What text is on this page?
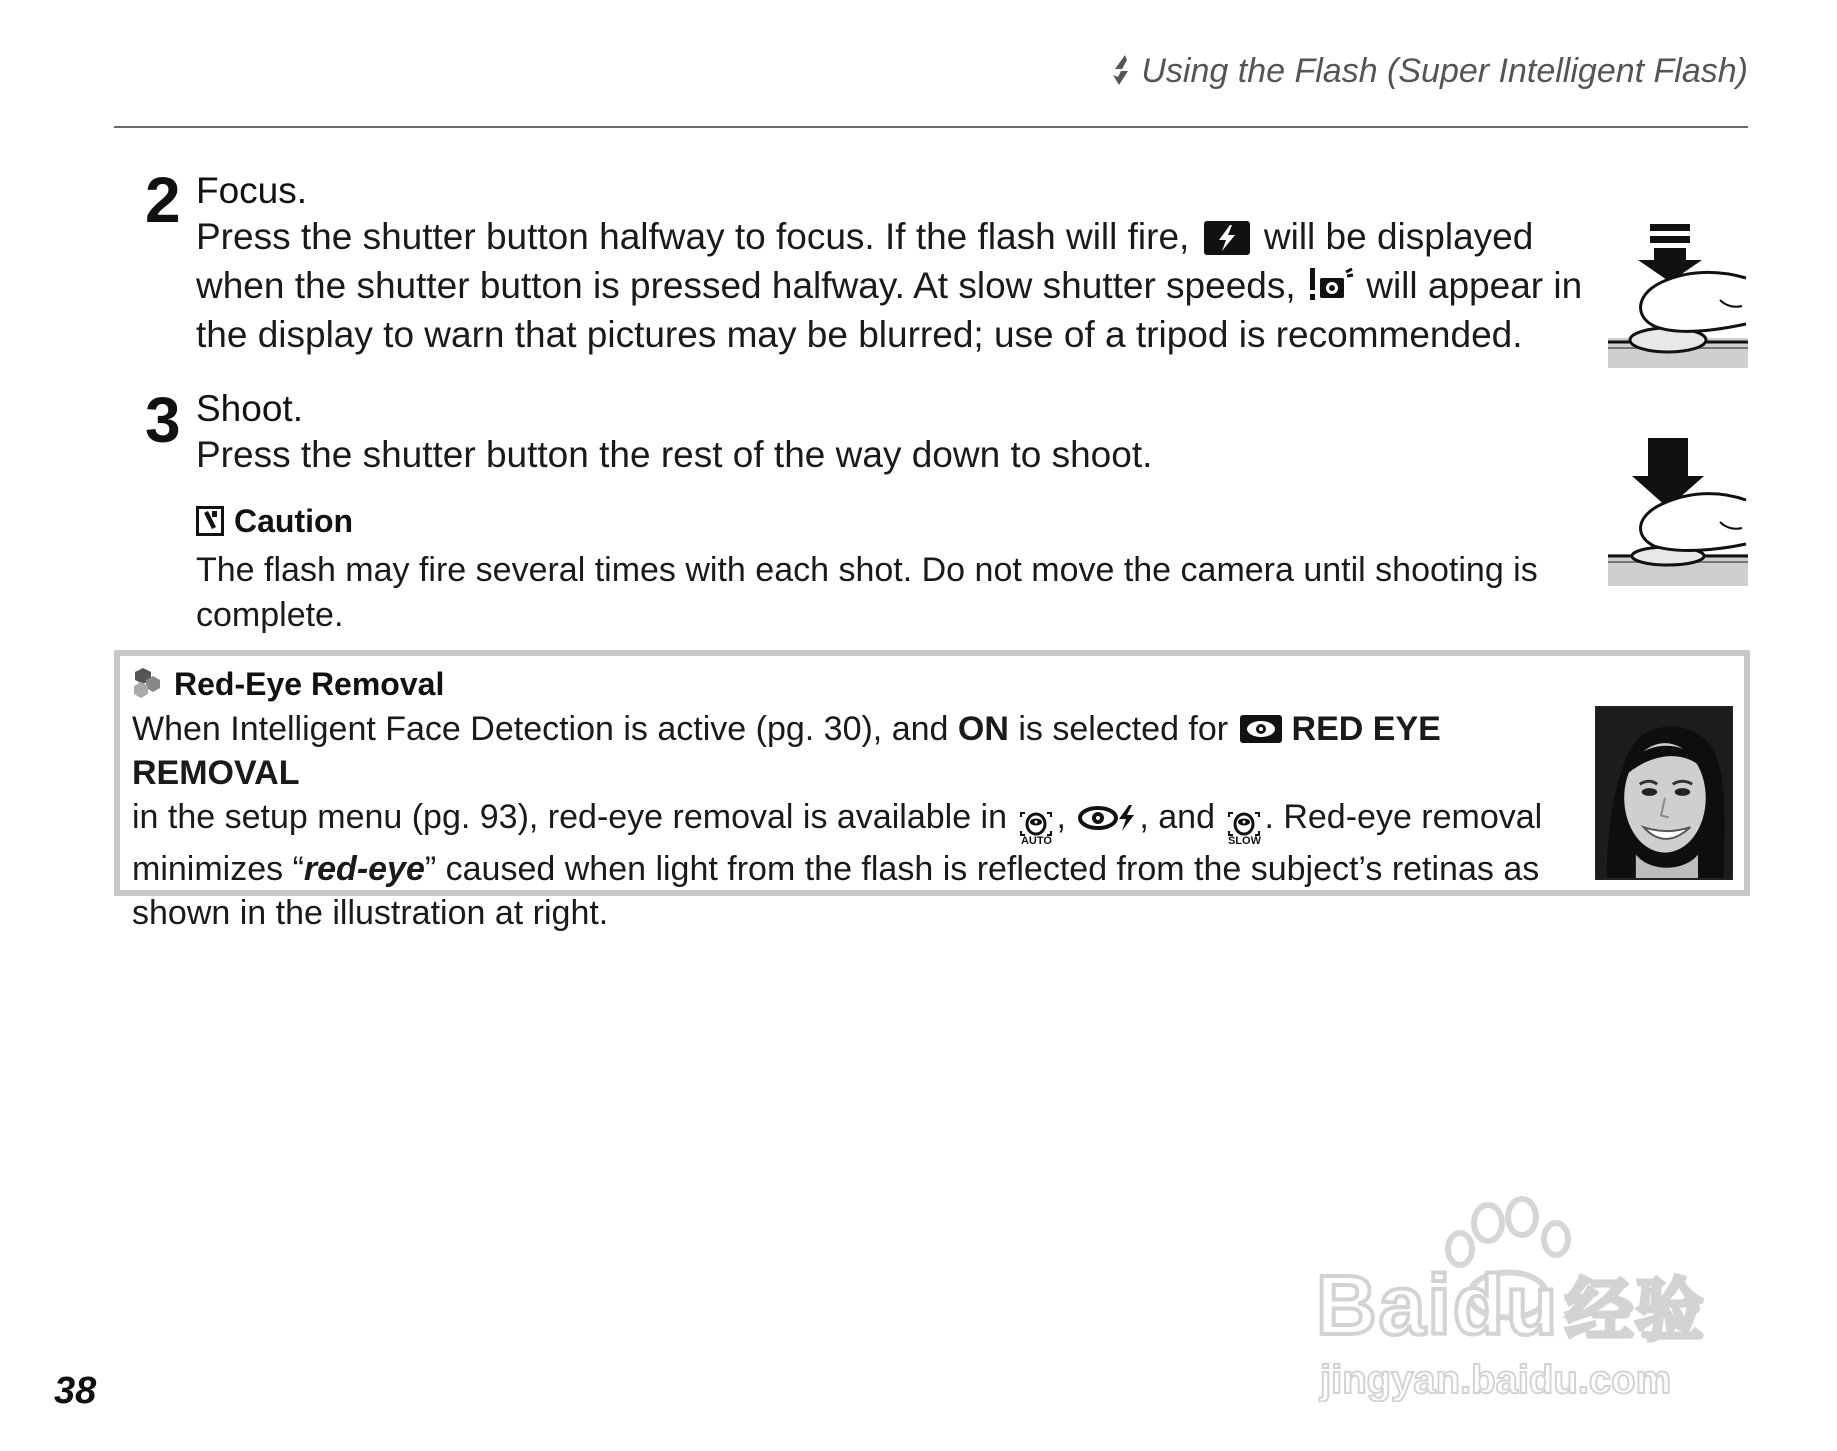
Using the Flash (Super Intelligent Flash)
2 Focus.
Press the shutter button halfway to focus. If the flash will fire,  will be displayed
when the shutter button is pressed halfway. At slow shutter speeds,  will appear in
the display to warn that pictures may be blurred; use of a tripod is recommended.
3 Shoot.
Press the shutter button the rest of the way down to shoot.
Caution
The flash may fire several times with each shot. Do not move the camera until shooting is
complete.
Red-Eye Removal
When Intelligent Face Detection is active (pg. 30), and ON is selected for RED EYE REMOVAL
in the setup menu (pg. 93), red-eye removal is available in
AUTO
, , and
SLOW
. Red-eye removal
minimizes “red-eye” caused when light from the flash is reflected from the subject’s retinas as
shown in the illustration at right.
38
Baidu经验
jingyan.baidu.com
